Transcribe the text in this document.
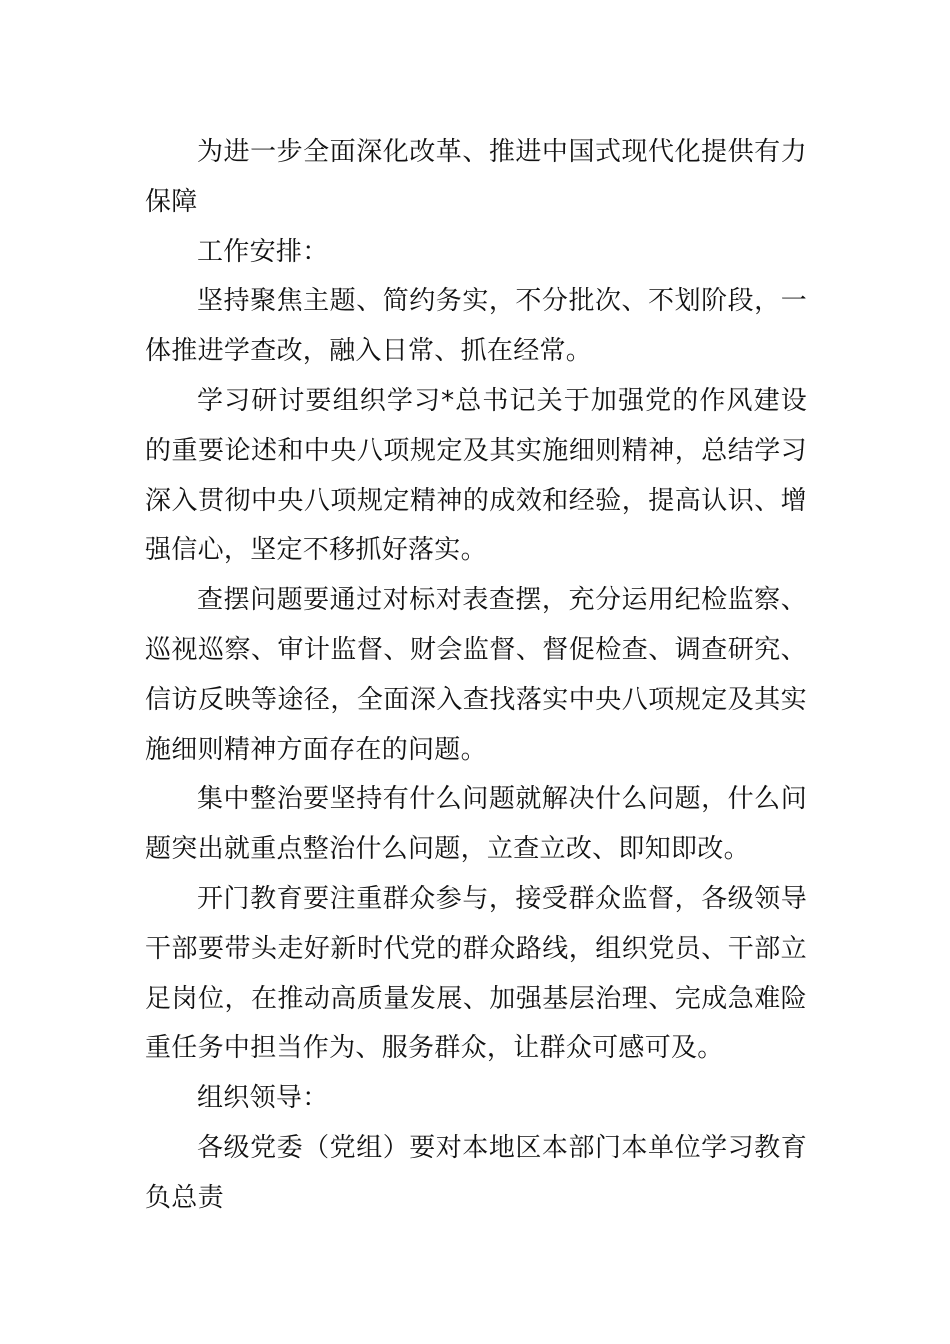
为进一步全面深化改革、推进中国式现代化提供有力保障

工作安排：

坚持聚焦主题、简约务实，不分批次、不划阶段，一体推进学查改，融入日常、抓在经常。

学习研讨要组织学习*总书记关于加强党的作风建设的重要论述和中央八项规定及其实施细则精神，总结学习深入贯彻中央八项规定精神的成效和经验，提高认识、增强信心，坚定不移抓好落实。

查摆问题要通过对标对表查摆，充分运用纪检监察、巡视巡察、审计监督、财会监督、督促检查、调查研究、信访反映等途径，全面深入查找落实中央八项规定及其实施细则精神方面存在的问题。

集中整治要坚持有什么问题就解决什么问题，什么问题突出就重点整治什么问题，立查立改、即知即改。

开门教育要注重群众参与，接受群众监督，各级领导干部要带头走好新时代党的群众路线，组织党员、干部立足岗位，在推动高质量发展、加强基层治理、完成急难险重任务中担当作为、服务群众，让群众可感可及。

组织领导：

各级党委（党组）要对本地区本部门本单位学习教育负总责
